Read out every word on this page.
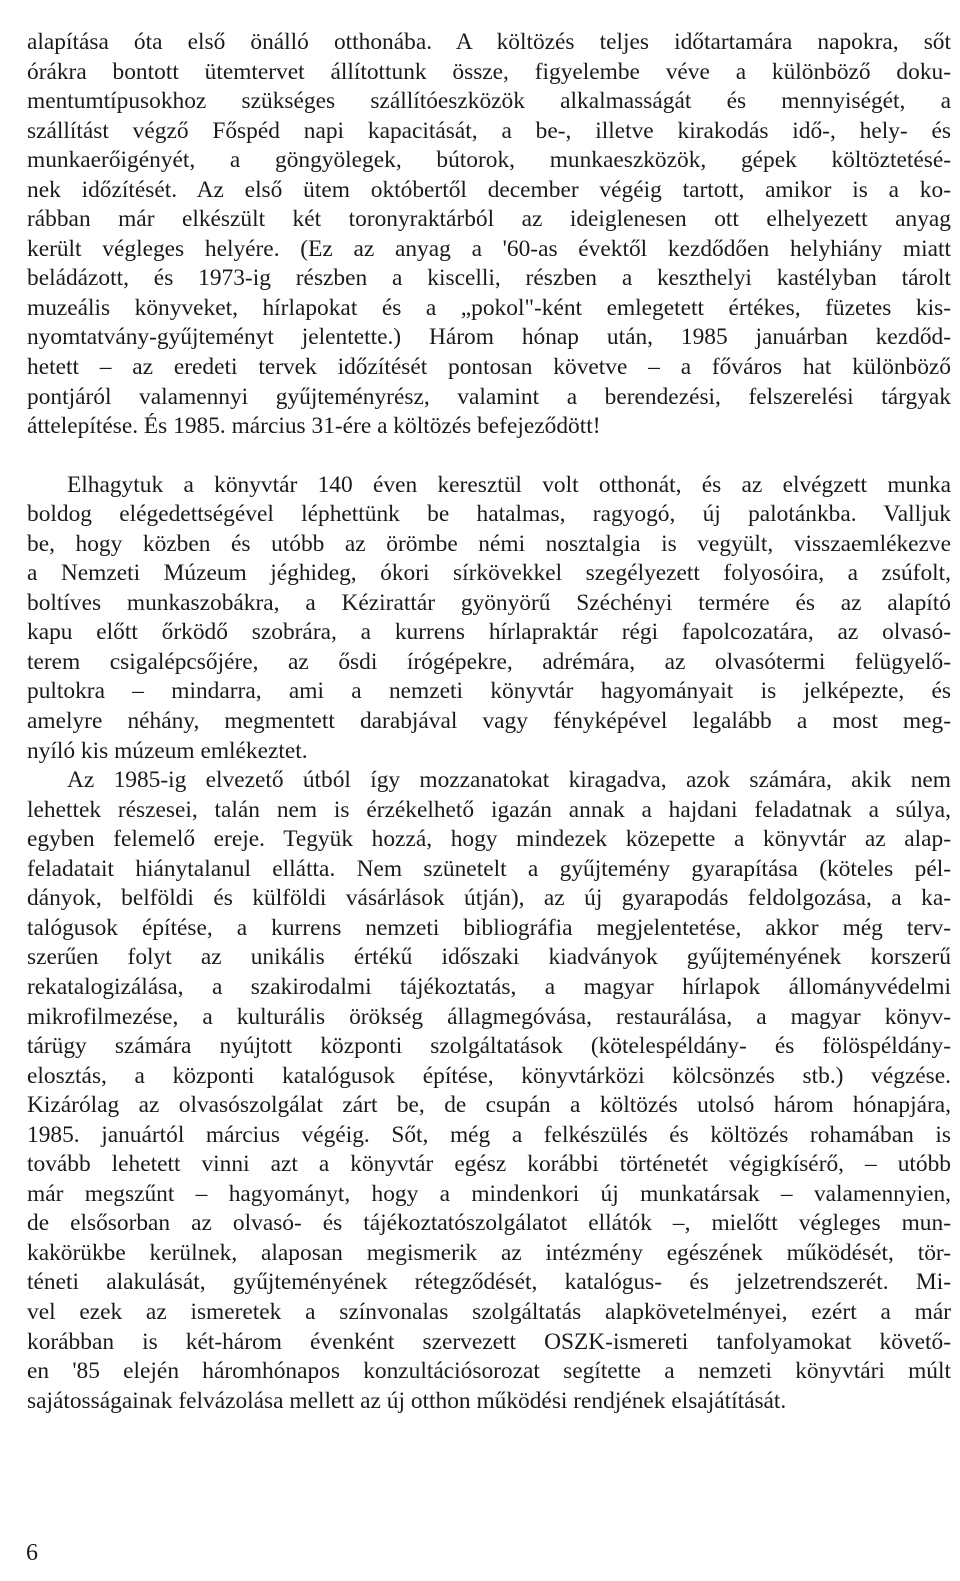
alapítása óta első önálló otthonába. A költözés teljes időtartamára napokra, sőt
órákra bontott ütemtervet állítottunk össze, figyelembe véve a különböző doku-
mentumtípusokhoz szükséges szállítóeszközök alkalmasságát és mennyiségét, a
szállítást végző Főspéd napi kapacitását, a be-, illetve kirakodás idő-, hely- és
munkaerőigényét, a göngyölegek, bútorok, munkaeszközök, gépek költöztetésé-
nek időzítését. Az első ütem októbertől december végéig tartott, amikor is a ko-
rábban már elkészült két toronyraktárból az ideiglenesen ott elhelyezett anyag
került végleges helyére. (Ez az anyag a '60-as évektől kezdődően helyhiány miatt
beládázott, és 1973-ig részben a kiscelli, részben a keszthelyi kastélyban tárolt
muzeális könyveket, hírlapokat és a „pokol"-ként emlegetett értékes, füzetes kis-
nyomtatvány-gyűjteményt jelentette.) Három hónap után, 1985 januárban kezdőd-
hetett – az eredeti tervek időzítését pontosan követve – a főváros hat különböző
pontjáról valamennyi gyűjteményrész, valamint a berendezési, felszerelési tárgyak
áttelepítése. És 1985. március 31-ére a költözés befejeződött!
Elhagytuk a könyvtár 140 éven keresztül volt otthonát, és az elvégzett munka
boldog elégedettségével léphettünk be hatalmas, ragyogó, új palotánkba. Valljuk
be, hogy közben és utóbb az örömbe némi nosztalgia is vegyült, visszaemlékezve
a Nemzeti Múzeum jéghideg, ókori sírkövekkel szegélyezett folyosóira, a zsúfolt,
boltíves munkaszobákra, a Kézirattár gyönyörű Széchényi termére és az alapító
kapu előtt őrködő szobrára, a kurrens hírlapraktár régi fapolcozatára, az olvasó-
terem csigalépcsőjére, az ősdi írógépekre, adrémára, az olvasótermi felügyelő-
pultokra – mindarra, ami a nemzeti könyvtár hagyományait is jelképezte, és
amelyre néhány, megmentett darabjával vagy fényképével legalább a most meg-
nyíló kis múzeum emlékeztet.
Az 1985-ig elvezető útból így mozzanatokat kiragadva, azok számára, akik nem
lehettek részesei, talán nem is érzékelhető igazán annak a hajdani feladatnak a súlya,
egyben felemelő ereje. Tegyük hozzá, hogy mindezek közepette a könyvtár az alap-
feladatait hiánytalanul ellátta. Nem szünetelt a gyűjtemény gyarapítása (köteles pél-
dányok, belföldi és külföldi vásárlások útján), az új gyarapodás feldolgozása, a ka-
talógusok építése, a kurrens nemzeti bibliográfia megjelentetése, akkor még terv-
szerűen folyt az unikális értékű időszaki kiadványok gyűjteményének korszerű
rekatalogizálása, a szakirodalmi tájékoztatás, a magyar hírlapok állományvédelmi
mikrofilmezése, a kulturális örökség állagmegóvása, restaurálása, a magyar könyv-
tárügy számára nyújtott központi szolgáltatások (kötelespéldány- és fölöspéldány-
elosztás, a központi katalógusok építése, könyvtárközi kölcsönzés stb.) végzése.
Kizárólag az olvasószolgálat zárt be, de csupán a költözés utolsó három hónapjára,
1985. januártól március végéig. Sőt, még a felkészülés és költözés rohamában is
tovább lehetett vinni azt a könyvtár egész korábbi történetét végigkísérő, – utóbb
már megszűnt – hagyományt, hogy a mindenkori új munkatársak – valamennyien,
de elsősorban az olvasó- és tájékoztatószolgálatot ellátók –, mielőtt végleges mun-
kakörükbe kerülnek, alaposan megismerik az intézmény egészének működését, tör-
téneti alakulását, gyűjteményének rétegződését, katalógus- és jelzetrendszerét. Mi-
vel ezek az ismeretek a színvonalas szolgáltatás alapkövetelményei, ezért a már
korábban is két-három évenként szervezett OSZK-ismereti tanfolyamokat követő-
en '85 elején háromhónapos konzultációsorozat segítette a nemzeti könyvtári múlt
sajátosságainak felvázolása mellett az új otthon működési rendjének elsajátítását.
6
